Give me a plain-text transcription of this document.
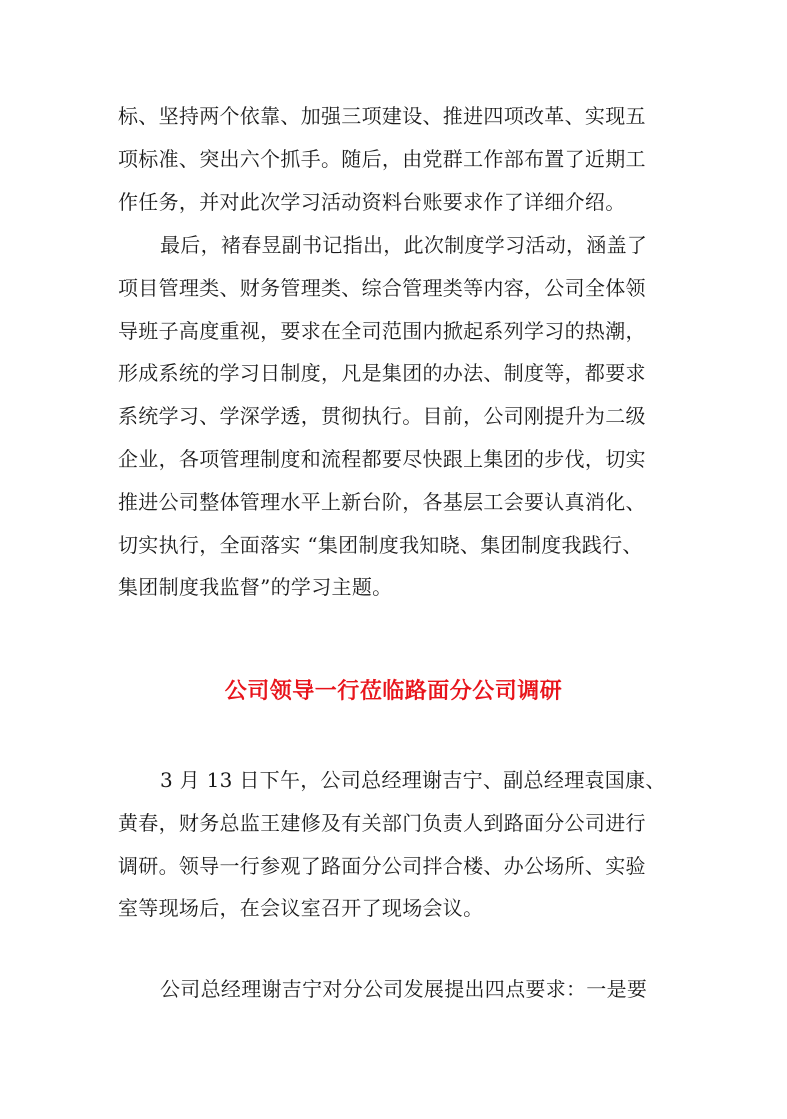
标、坚持两个依靠、加强三项建设、推进四项改革、实现五
项标准、突出六个抓手。随后，由党群工作部布置了近期工
作任务，并对此次学习活动资料台账要求作了详细介绍。

最后，褚春昱副书记指出，此次制度学习活动，涵盖了
项目管理类、财务管理类、综合管理类等内容，公司全体领
导班子高度重视，要求在全司范围内掀起系列学习的热潮，
形成系统的学习日制度，凡是集团的办法、制度等，都要求
系统学习、学深学透，贯彻执行。目前，公司刚提升为二级
企业，各项管理制度和流程都要尽快跟上集团的步伐，切实
推进公司整体管理水平上新台阶，各基层工会要认真消化、
切实执行，全面落实 “集团制度我知晓、集团制度我践行、
集团制度我监督”的学习主题。

公司领导一行莅临路面分公司调研

3 月 13 日下午，公司总经理谢吉宁、副总经理袁国康、
黄春，财务总监王建修及有关部门负责人到路面分公司进行
调研。领导一行参观了路面分公司拌合楼、办公场所、实验
室等现场后，在会议室召开了现场会议。

公司总经理谢吉宁对分公司发展提出四点要求：一是要
